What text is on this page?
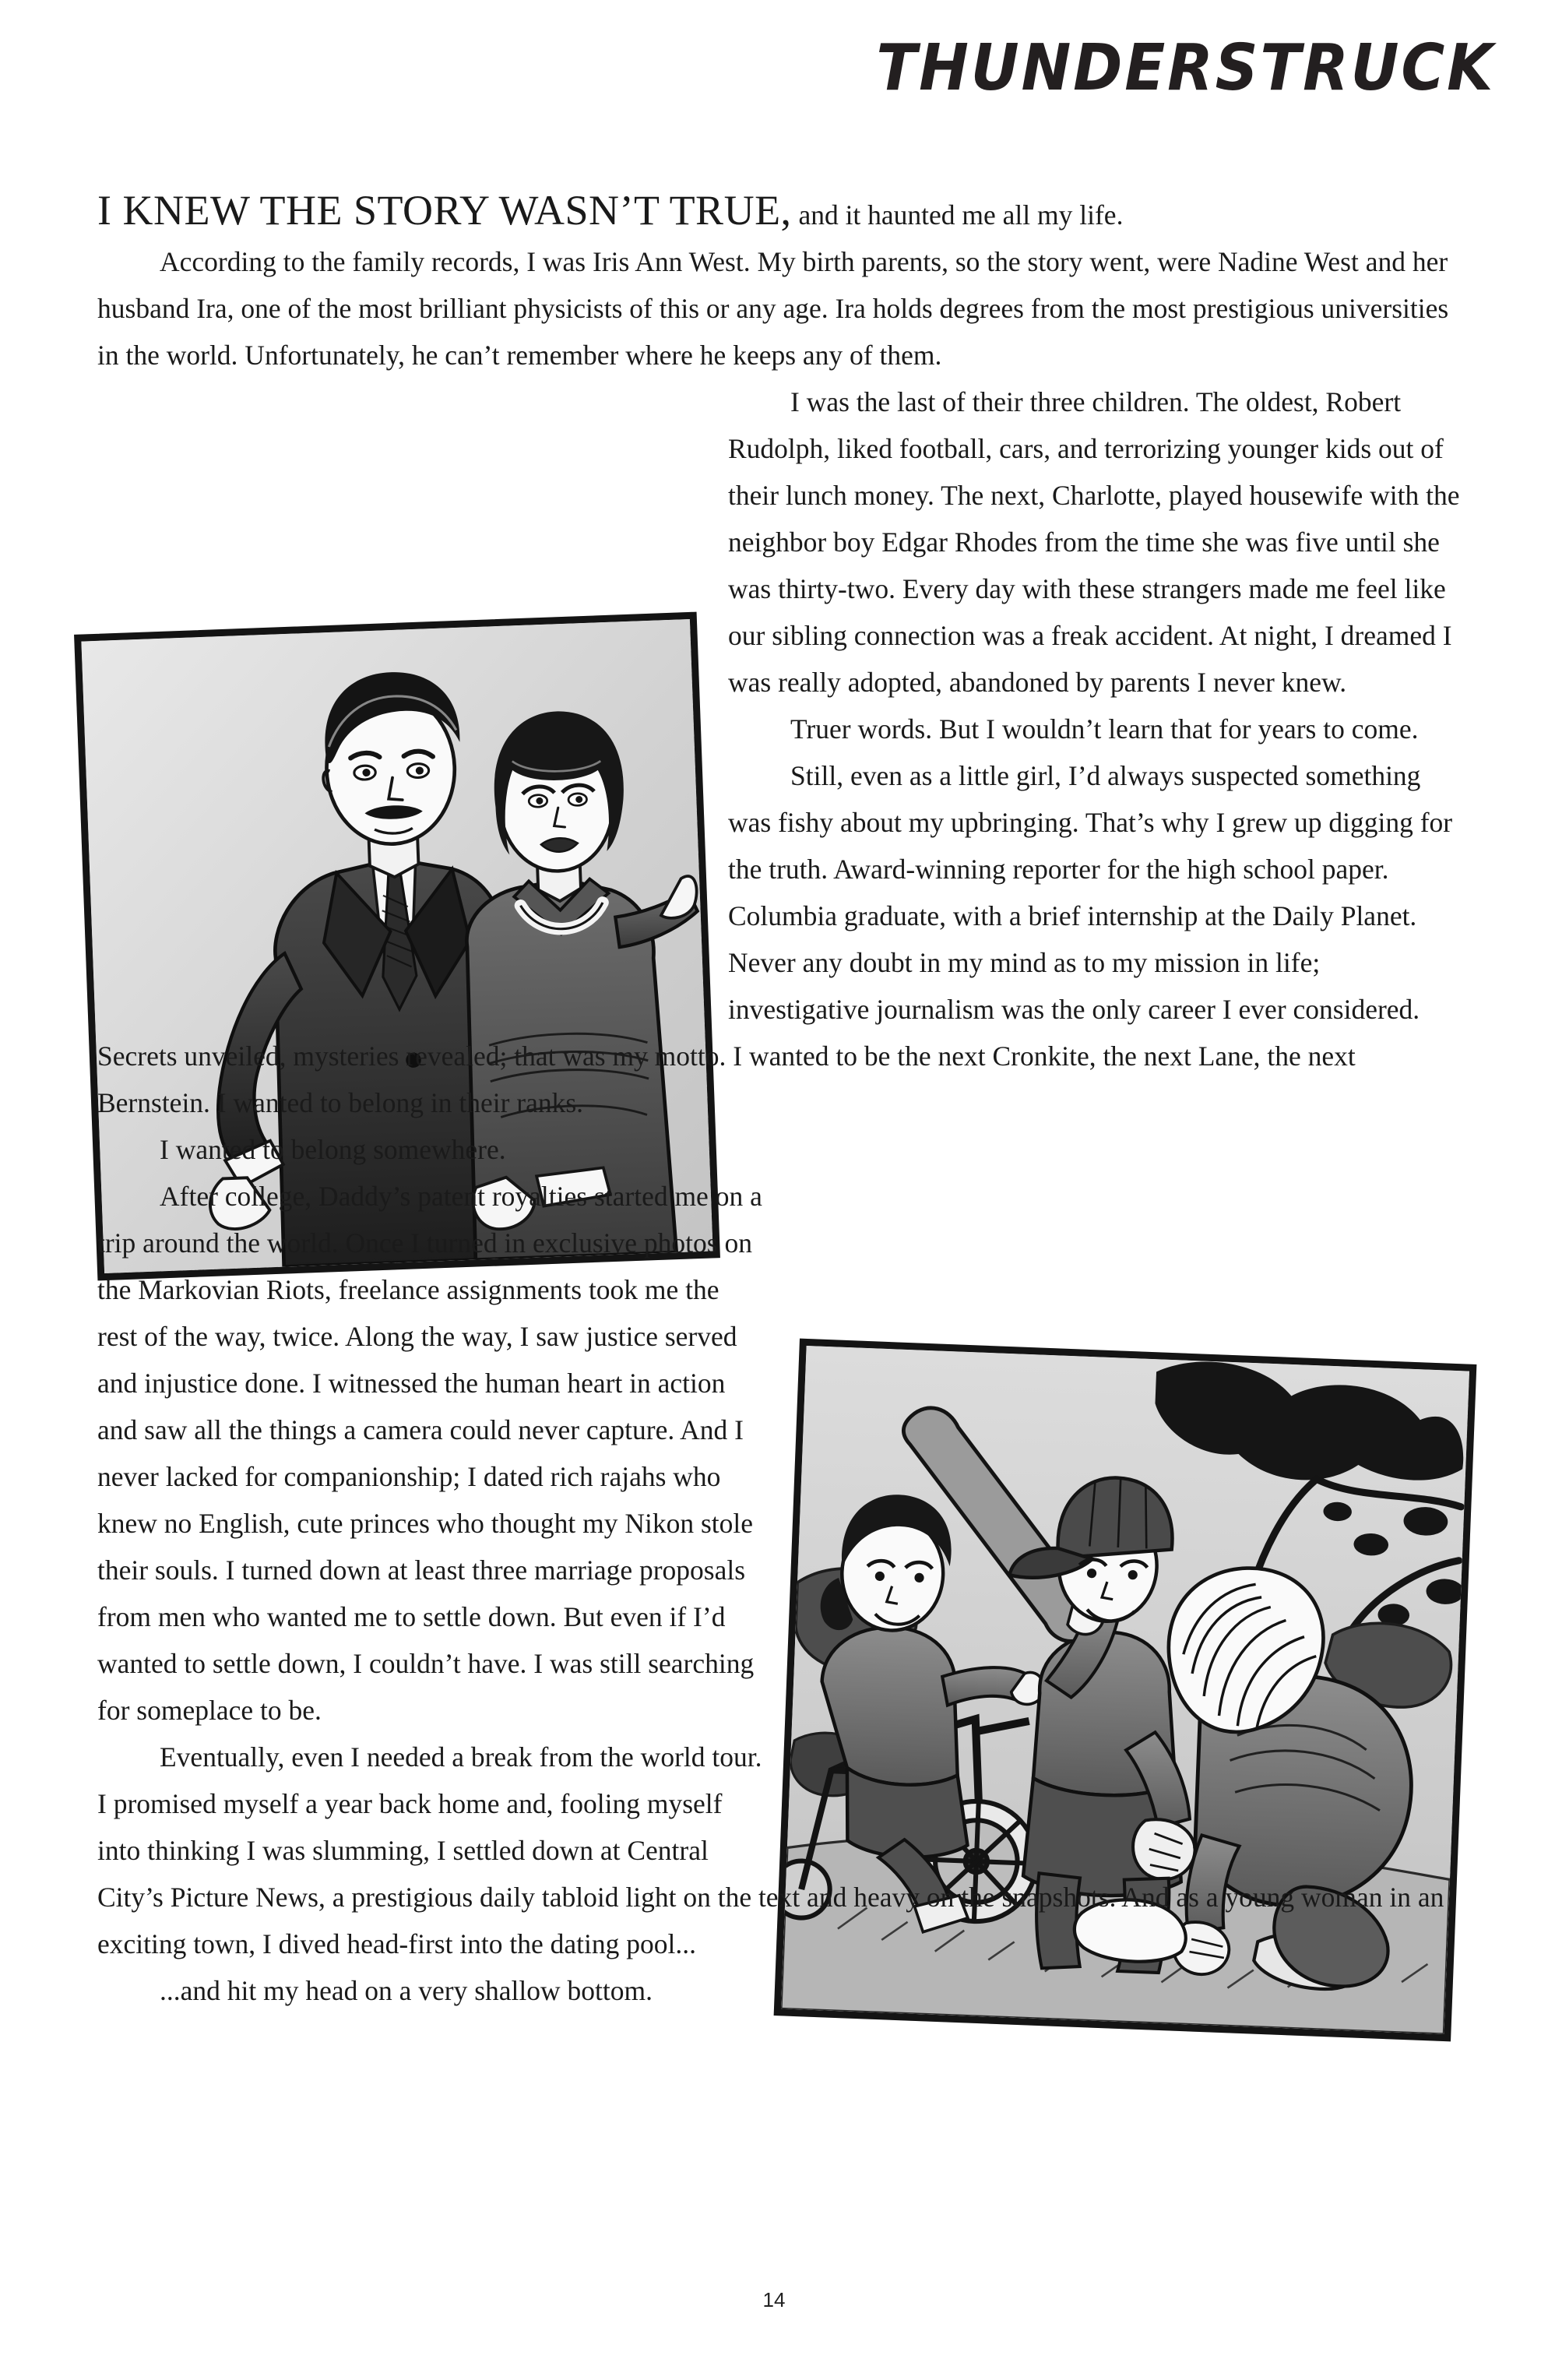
THUNDERSTRUCK

I KNEW THE STORY WASN’T TRUE, and it haunted me all my life.

According to the family records, I was Iris Ann West. My birth parents, so the story went, were Nadine West and her husband Ira, one of the most brilliant physicists of this or any age. Ira holds degrees from the most prestigious universities in the world. Unfortunately, he can’t remember where he keeps any of them.

I was the last of their three children. The oldest, Robert Rudolph, liked football, cars, and terrorizing younger kids out of their lunch money. The next, Charlotte, played housewife with the neighbor boy Edgar Rhodes from the time she was five until she was thirty-two. Every day with these strangers made me feel like our sibling connection was a freak accident. At night, I dreamed I was really adopted, abandoned by parents I never knew.

Truer words. But I wouldn’t learn that for years to come.

Still, even as a little girl, I’d always suspected something was fishy about my upbringing. That’s why I grew up digging for the truth. Award-winning reporter for the high school paper. Columbia graduate, with a brief internship at the Daily Planet. Never any doubt in my mind as to my mission in life; investigative journalism was the only career I ever considered. Secrets unveiled, mysteries revealed; that was my motto. I wanted to be the next Cronkite, the next Lane, the next Bernstein. I wanted to belong in their ranks.

I wanted to belong somewhere.

After college, Daddy’s patent royalties started me on a trip around the world. Once I turned in exclusive photos on the Markovian Riots, freelance assignments took me the rest of the way, twice. Along the way, I saw justice served and injustice done. I witnessed the human heart in action and saw all the things a camera could never capture. And I never lacked for companionship; I dated rich rajahs who knew no English, cute princes who thought my Nikon stole their souls. I turned down at least three marriage proposals from men who wanted me to settle down. But even if I’d wanted to settle down, I couldn’t have. I was still searching for someplace to be.

Eventually, even I needed a break from the world tour. I promised myself a year back home and, fooling myself into thinking I was slumming, I settled down at Central City’s Picture News, a prestigious daily tabloid light on the text and heavy on the snapshots. And as a young woman in an exciting town, I dived head-first into the dating pool...

...and hit my head on a very shallow bottom.

14
